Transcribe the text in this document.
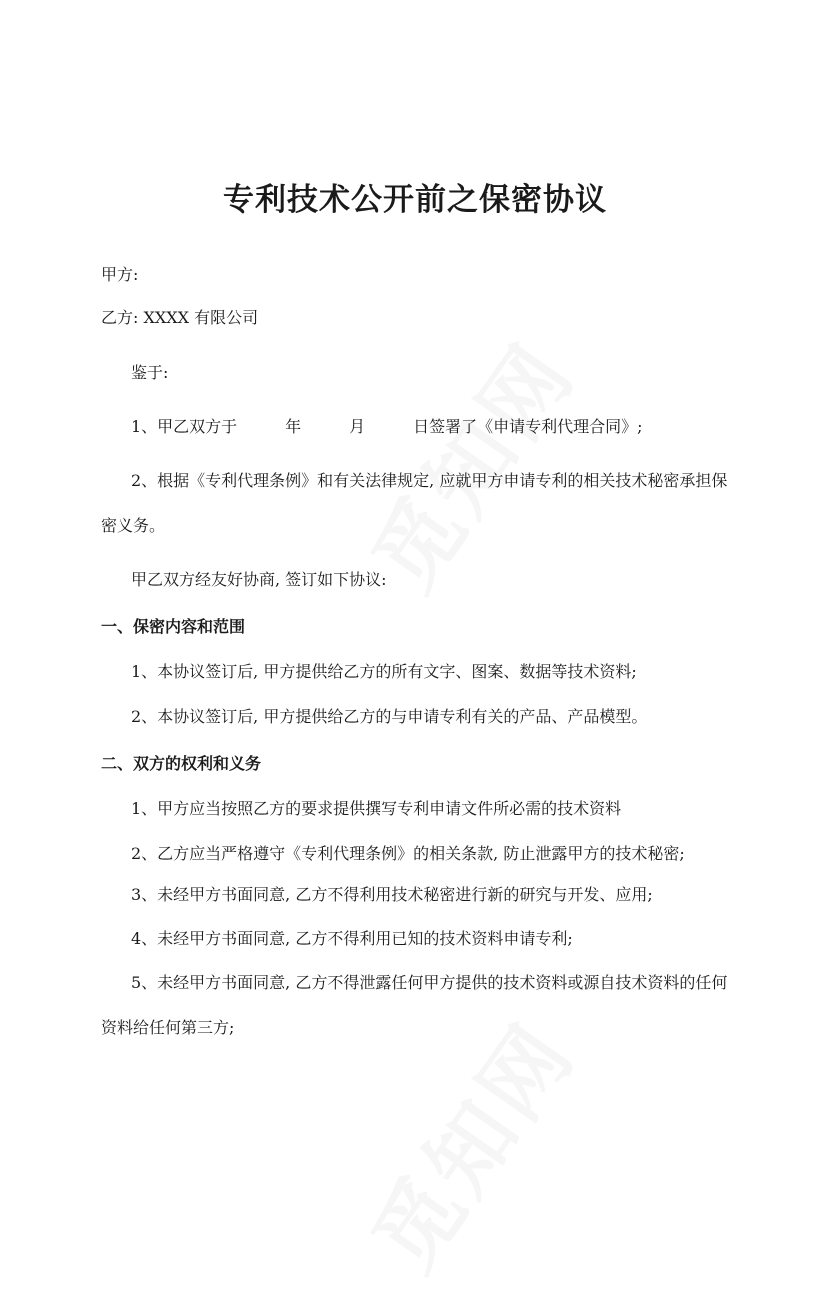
专利技术公开前之保密协议

甲方:

乙方: XXXX 有限公司

鉴于:

1、甲乙双方于　　　年　　　月　　　日签署了《申请专利代理合同》;

2、根据《专利代理条例》和有关法律规定, 应就甲方申请专利的相关技术秘密承担保

密义务。

甲乙双方经友好协商, 签订如下协议:

一、保密内容和范围

1、本协议签订后, 甲方提供给乙方的所有文字、图案、数据等技术资料;

2、本协议签订后, 甲方提供给乙方的与申请专利有关的产品、产品模型。

二、双方的权利和义务

1、甲方应当按照乙方的要求提供撰写专利申请文件所必需的技术资料

2、乙方应当严格遵守《专利代理条例》的相关条款, 防止泄露甲方的技术秘密;

3、未经甲方书面同意, 乙方不得利用技术秘密进行新的研究与开发、应用;

4、未经甲方书面同意, 乙方不得利用已知的技术资料申请专利;

5、未经甲方书面同意, 乙方不得泄露任何甲方提供的技术资料或源自技术资料的任何

资料给任何第三方;
